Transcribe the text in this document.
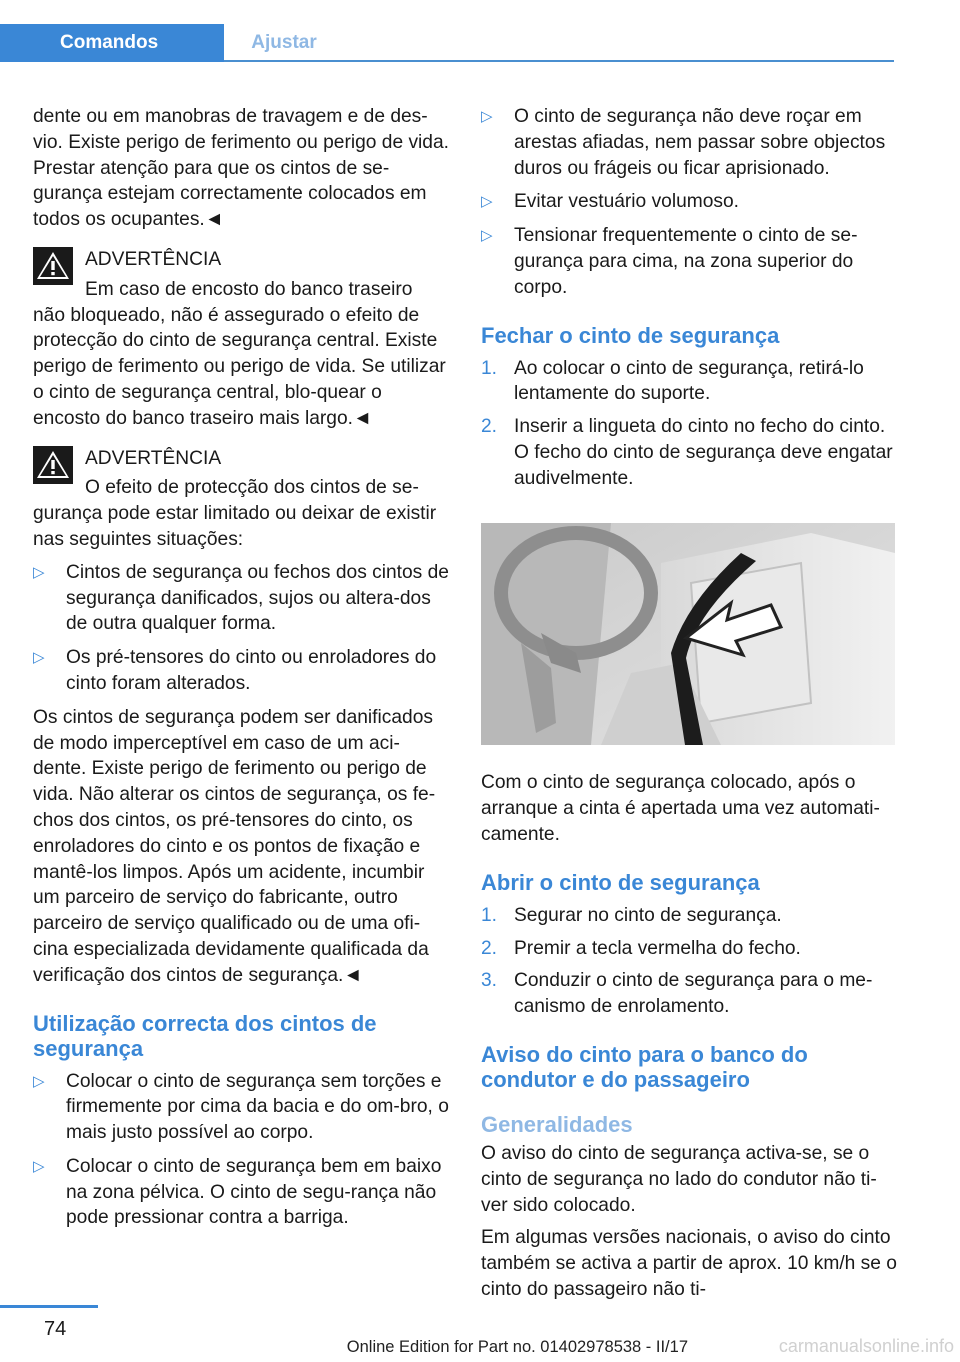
Comandos	Ajustar

dente ou em manobras de travagem e de des-vio. Existe perigo de ferimento ou perigo de vida. Prestar atenção para que os cintos de se-gurança estejam correctamente colocados em todos os ocupantes.◄

ADVERTÊNCIA

Em caso de encosto do banco traseiro não bloqueado, não é assegurado o efeito de protecção do cinto de segurança central. Existe perigo de ferimento ou perigo de vida. Se utilizar o cinto de segurança central, blo-quear o encosto do banco traseiro mais largo.◄

ADVERTÊNCIA

O efeito de protecção dos cintos de se-gurança pode estar limitado ou deixar de existir nas seguintes situações:

▷ Cintos de segurança ou fechos dos cintos de segurança danificados, sujos ou altera-dos de outra qualquer forma.
▷ Os pré-tensores do cinto ou enroladores do cinto foram alterados.

Os cintos de segurança podem ser danificados de modo imperceptível em caso de um aci-dente. Existe perigo de ferimento ou perigo de vida. Não alterar os cintos de segurança, os fe-chos dos cintos, os pré-tensores do cinto, os enroladores do cinto e os pontos de fixação e mantê-los limpos. Após um acidente, incumbir um parceiro de serviço do fabricante, outro parceiro de serviço qualificado ou de uma ofi-cina especializada devidamente qualificada da verificação dos cintos de segurança.◄

Utilização correcta dos cintos de segurança
▷ Colocar o cinto de segurança sem torções e firmemente por cima da bacia e do om-bro, o mais justo possível ao corpo.
▷ Colocar o cinto de segurança bem em baixo na zona pélvica. O cinto de segu-rança não pode pressionar contra a barriga.
▷ O cinto de segurança não deve roçar em arestas afiadas, nem passar sobre objectos duros ou frágeis ou ficar aprisionado.
▷ Evitar vestuário volumoso.
▷ Tensionar frequentemente o cinto de se-gurança para cima, na zona superior do corpo.
Fechar o cinto de segurança
1. Ao colocar o cinto de segurança, retirá-lo lentamente do suporte.
2. Inserir a lingueta do cinto no fecho do cinto. O fecho do cinto de segurança deve engatar audivelmente.

Com o cinto de segurança colocado, após o arranque a cinta é apertada uma vez automati-camente.

Abrir o cinto de segurança
1. Segurar no cinto de segurança.
2. Premir a tecla vermelha do fecho.
3. Conduzir o cinto de segurança para o me-canismo de enrolamento.
Aviso do cinto para o banco do condutor e do passageiro
Generalidades

O aviso do cinto de segurança activa-se, se o cinto de segurança no lado do condutor não ti-ver sido colocado.

Em algumas versões nacionais, o aviso do cinto também se activa a partir de aprox. 10 km/h se o cinto do passageiro não ti-

74
Online Edition for Part no. 01402978538 - II/17	carmanualsonline.info
